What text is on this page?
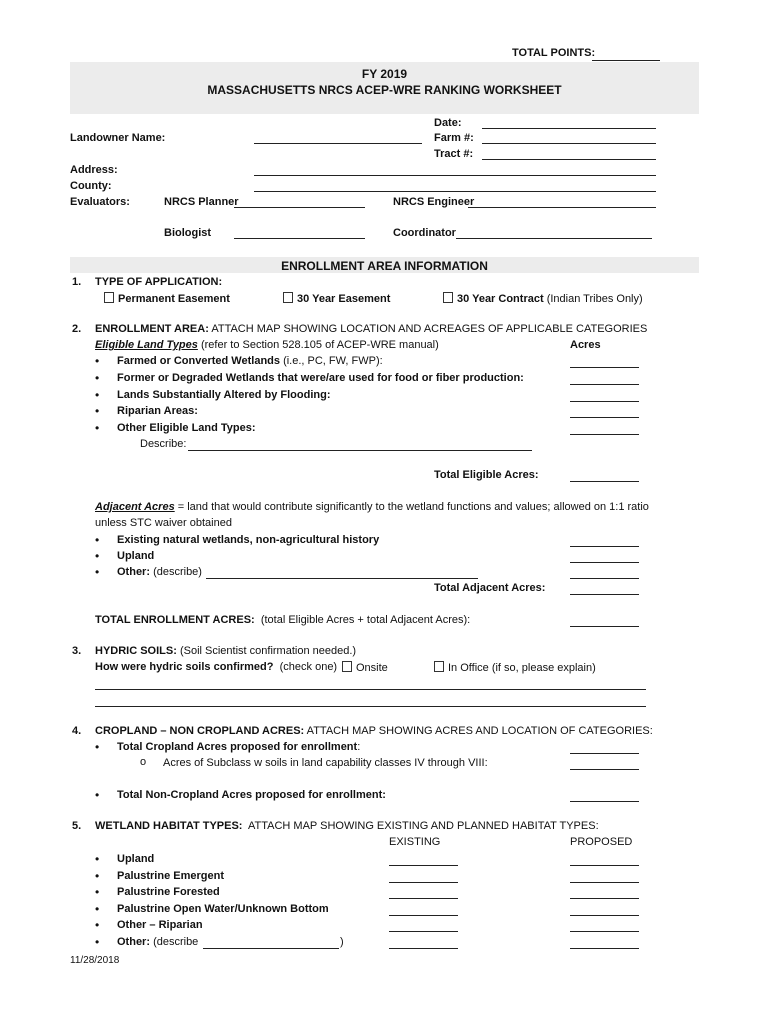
TOTAL POINTS:
FY 2019
MASSACHUSETTS NRCS ACEP-WRE RANKING WORKSHEET
Date:
Farm #:
Tract #:
Landowner Name:
Address:
County:
Evaluators:	NRCS Planner	NRCS Engineer
Biologist	Coordinator
ENROLLMENT AREA INFORMATION
1. TYPE OF APPLICATION:
Permanent Easement	30 Year Easement	30 Year Contract (Indian Tribes Only)
2. ENROLLMENT AREA: ATTACH MAP SHOWING LOCATION AND ACREAGES OF APPLICABLE CATEGORIES
Eligible Land Types (refer to Section 528.105 of ACEP-WRE manual)	Acres
• Farmed or Converted Wetlands (i.e., PC, FW, FWP):
• Former or Degraded Wetlands that were/are used for food or fiber production:
• Lands Substantially Altered by Flooding:
• Riparian Areas:
• Other Eligible Land Types:
Describe:
Total Eligible Acres:
Adjacent Acres = land that would contribute significantly to the wetland functions and values; allowed on 1:1 ratio
unless STC waiver obtained
• Existing natural wetlands, non-agricultural history
• Upland
• Other: (describe)
Total Adjacent Acres:
TOTAL ENROLLMENT ACRES: (total Eligible Acres + total Adjacent Acres):
3. HYDRIC SOILS: (Soil Scientist confirmation needed.)
How were hydric soils confirmed? (check one)	Onsite	In Office (if so, please explain)
4. CROPLAND – NON CROPLAND ACRES: ATTACH MAP SHOWING ACRES AND LOCATION OF CATEGORIES:
• Total Cropland Acres proposed for enrollment:
o Acres of Subclass w soils in land capability classes IV through VIII:
• Total Non-Cropland Acres proposed for enrollment:
5. WETLAND HABITAT TYPES: ATTACH MAP SHOWING EXISTING AND PLANNED HABITAT TYPES:
EXISTING	PROPOSED
• Upland
• Palustrine Emergent
• Palustrine Forested
• Palustrine Open Water/Unknown Bottom
• Other – Riparian
• Other: (describe	)
11/28/2018
